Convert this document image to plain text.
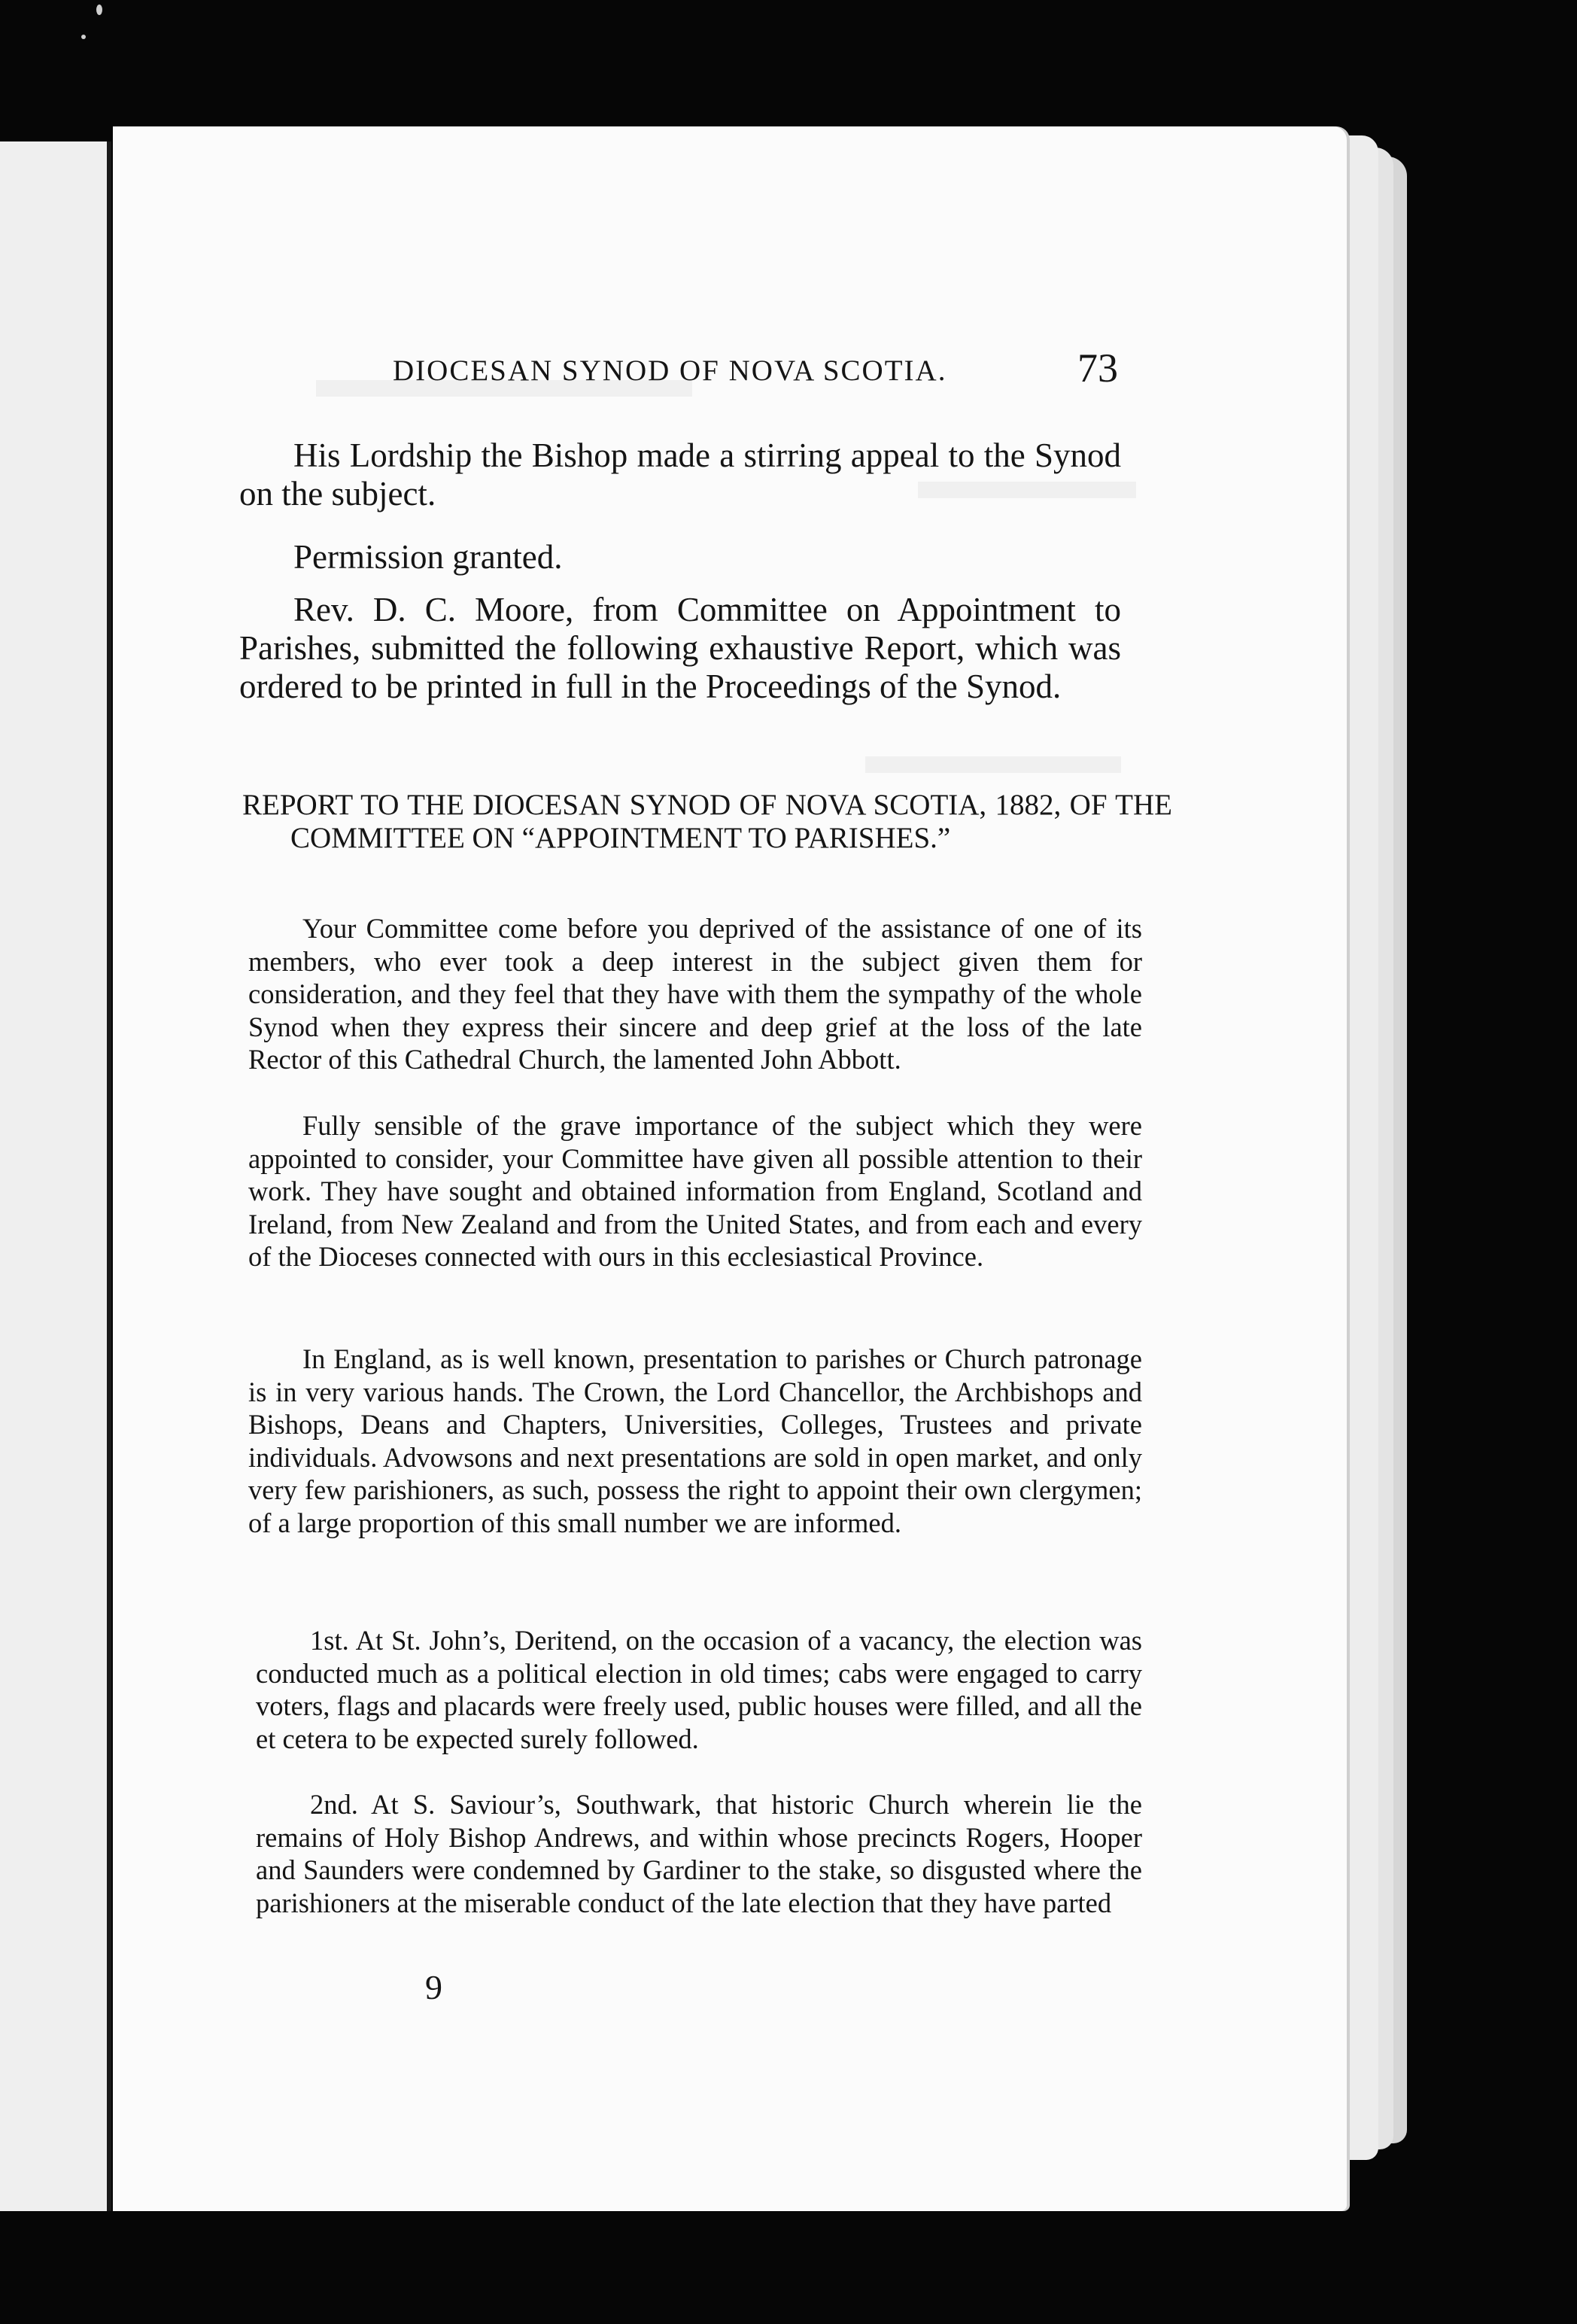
DIOCESAN SYNOD OF NOVA SCOTIA.	73

His Lordship the Bishop made a stirring appeal to the Synod on the subject.

Permission granted.

Rev. D. C. Moore, from Committee on Appointment to Parishes, submitted the following exhaustive Report, which was ordered to be printed in full in the Proceedings of the Synod.

REPORT TO THE DIOCESAN SYNOD OF NOVA SCOTIA, 1882, OF THE COMMITTEE ON “APPOINTMENT TO PARISHES.”

Your Committee come before you deprived of the assistance of one of its members, who ever took a deep interest in the subject given them for consideration, and they feel that they have with them the sympathy of the whole Synod when they express their sincere and deep grief at the loss of the late Rector of this Cathedral Church, the lamented John Abbott.

Fully sensible of the grave importance of the subject which they were appointed to consider, your Committee have given all possible attention to their work. They have sought and obtained information from England, Scotland and Ireland, from New Zealand and from the United States, and from each and every of the Dioceses connected with ours in this ecclesiastical Province.

In England, as is well known, presentation to parishes or Church patronage is in very various hands. The Crown, the Lord Chancellor, the Archbishops and Bishops, Deans and Chapters, Universities, Colleges, Trustees and private individuals. Advowsons and next presentations are sold in open market, and only very few parishioners, as such, possess the right to appoint their own clergymen; of a large proportion of this small number we are informed.

1st. At St. John’s, Deritend, on the occasion of a vacancy, the election was conducted much as a political election in old times; cabs were engaged to carry voters, flags and placards were freely used, public houses were filled, and all the et cetera to be expected surely followed.

2nd. At S. Saviour’s, Southwark, that historic Church wherein lie the remains of Holy Bishop Andrews, and within whose precincts Rogers, Hooper and Saunders were condemned by Gardiner to the stake, so disgusted where the parishioners at the miserable conduct of the late election that they have parted

9
